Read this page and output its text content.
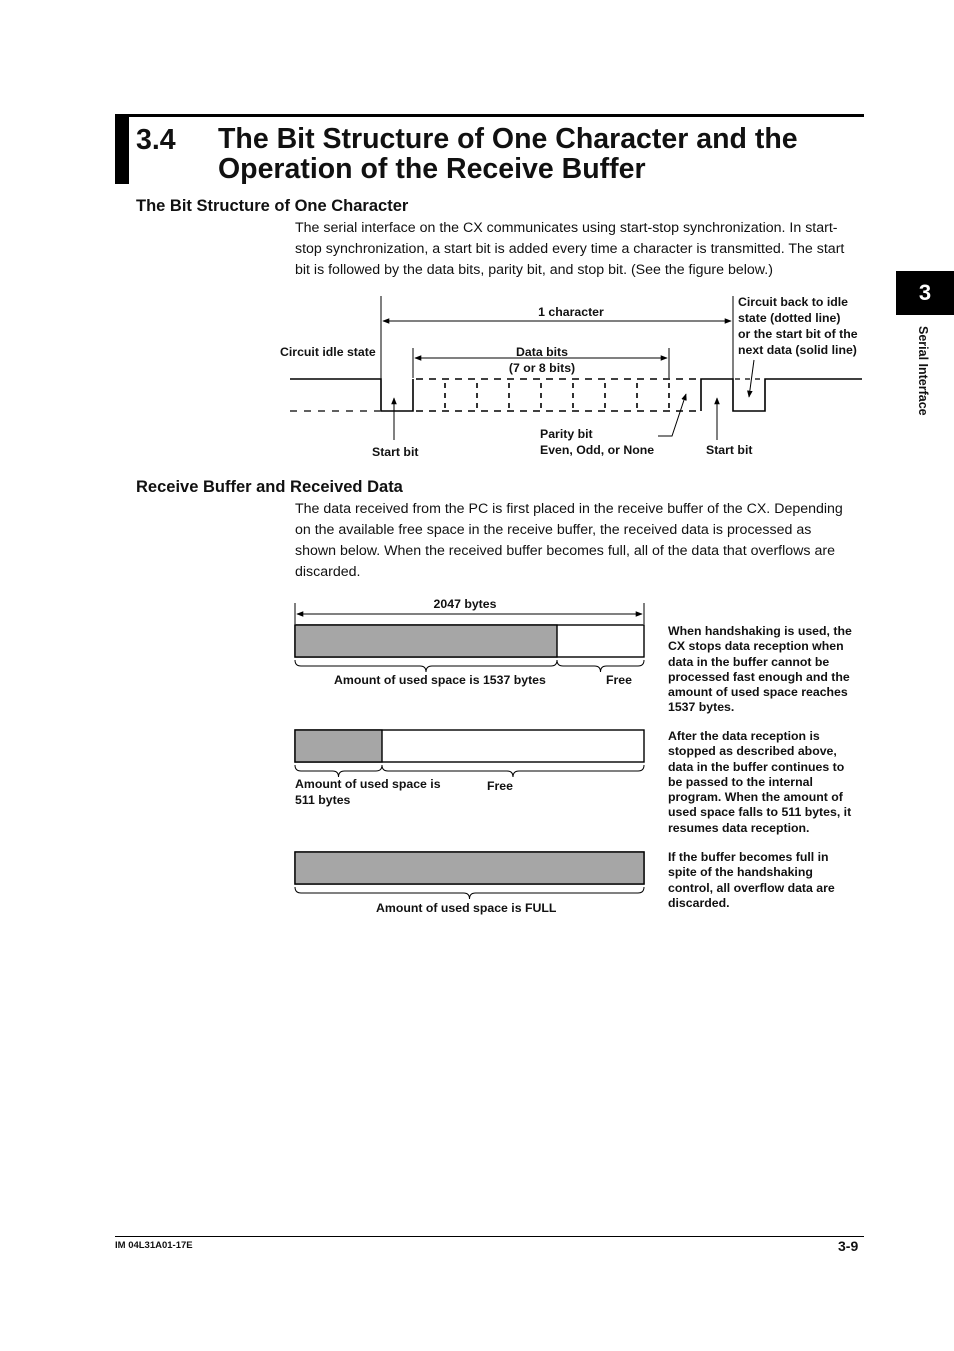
3.4 The Bit Structure of One Character and the
Operation of the Receive Buffer
3
Serial Interface
The Bit Structure of One Character
The serial interface on the CX communicates using start-stop synchronization. In start-
stop synchronization, a start bit is added every time a character is transmitted. The start
bit is followed by the data bits, parity bit, and stop bit. (See the figure below.)
1 character
Circuit back to idle
state (dotted line)
or the start bit of the
next data (solid line)
Circuit idle state	Data bits
(7 or 8 bits)
Parity bit
Even, Odd, or None
Start bit	Start bit
Receive Buffer and Received Data
The data received from the PC is first placed in the receive buffer of the CX. Depending
on the available free space in the receive buffer, the received data is processed as
shown below. When the received buffer becomes full, all of the data that overflows are
discarded.
2047 bytes
Amount of used space is 1537 bytes	Free
When handshaking is used, the
CX stops data reception when
data in the buffer cannot be
processed fast enough and the
amount of used space reaches
1537 bytes.
Amount of used space is
511 bytes
Free
After the data reception is
stopped as described above,
data in the buffer continues to
be passed to the internal
program. When the amount of
used space falls to 511 bytes, it
resumes data reception.
Amount of used space is FULL
If the buffer becomes full in
spite of the handshaking
control, all overflow data are
discarded.
IM 04L31A01-17E	3-9
